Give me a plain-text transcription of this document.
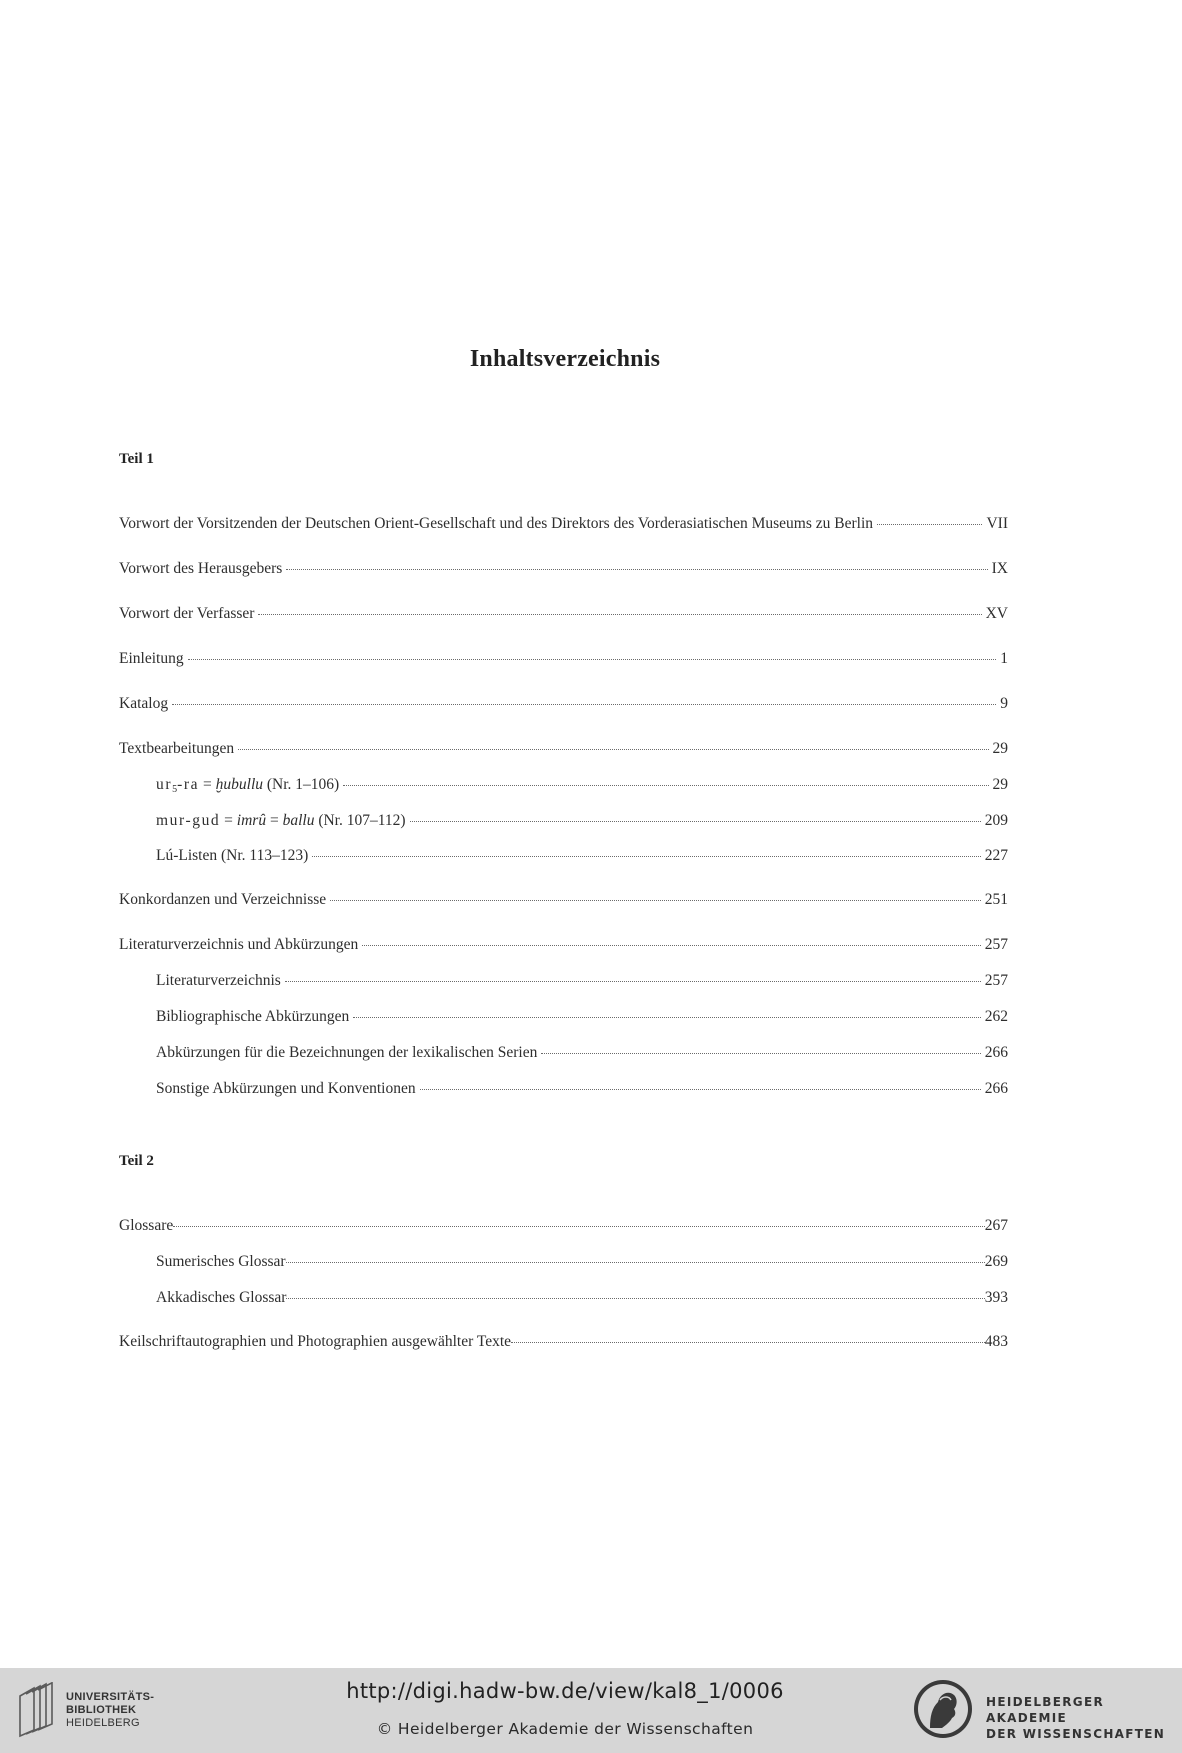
Inhaltsverzeichnis
Teil 1
Vorwort der Vorsitzenden der Deutschen Orient-Gesellschaft und des Direktors des Vorderasiatischen Museums zu Berlin	VII
Vorwort des Herausgebers	IX
Vorwort der Verfasser	XV
Einleitung	1
Katalog	9
Textbearbeitungen	29
ur5-ra = ḫubullu (Nr. 1–106)	29
mur-gud = imrû = ballu (Nr. 107–112)	209
Lú-Listen (Nr. 113–123)	227
Konkordanzen und Verzeichnisse	251
Literaturverzeichnis und Abkürzungen	257
Literaturverzeichnis	257
Bibliographische Abkürzungen	262
Abkürzungen für die Bezeichnungen der lexikalischen Serien	266
Sonstige Abkürzungen und Konventionen	266
Teil 2
Glossare	267
Sumerisches Glossar	269
Akkadisches Glossar	393
Keilschriftautographien und Photographien ausgewählter Texte	483
UNIVERSITÄTS-
BIBLIOTHEK
HEIDELBERG
http://digi.hadw-bw.de/view/kal8_1/0006
© Heidelberger Akademie der Wissenschaften
HEIDELBERGER AKADEMIE
DER WISSENSCHAFTEN
